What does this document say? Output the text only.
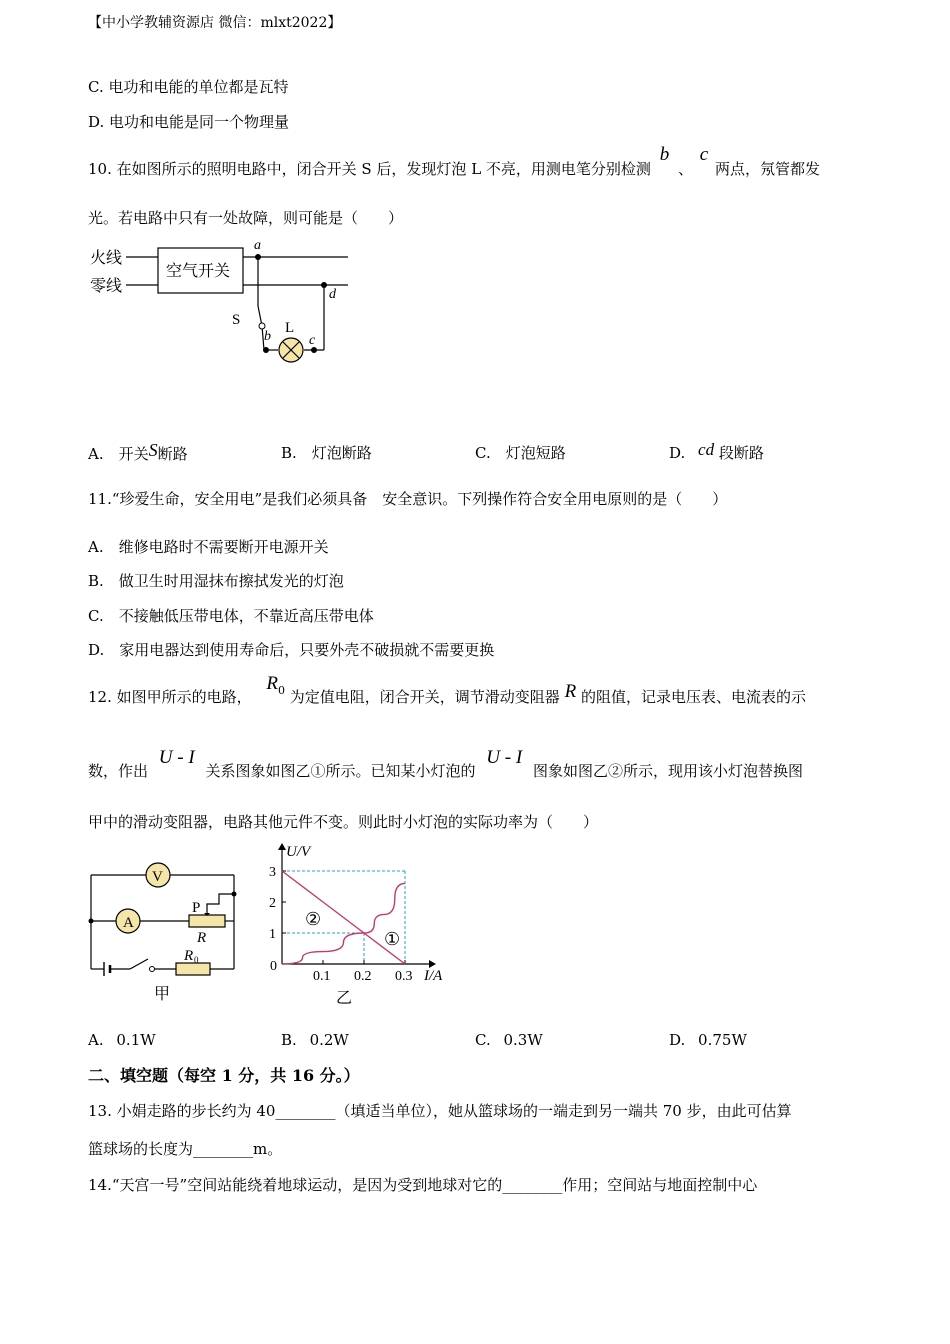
【中小学教辅资源店 微信：mlxt2022】
C. 电功和电能的单位都是瓦特
D. 电功和电能是同一个物理量
10. 在如图所示的照明电路中，闭合开关 S 后，发现灯泡 L 不亮，用测电笔分别检测 b 、 c 两点，氖管都发
光。若电路中只有一处故障，则可能是（　　）
火线
零线
空气开关
a
d
S	L
b	c
A.　开关S断路	B.　灯泡断路	C.　灯泡短路	D. cd 段断路
11.“珍爱生命，安全用电”是我们必须具备　安全意识。下列操作符合安全用电原则的是（　　）
A.　维修电路时不需要断开电源开关
B.　做卫生时用湿抹布擦拭发光的灯泡
C.　不接触低压带电体，不靠近高压带电体
D.　家用电器达到使用寿命后，只要外壳不破损就不需要更换
12. 如图甲所示的电路， $R_0$ 为定值电阻，闭合开关，调节滑动变阻器 R 的阻值，记录电压表、电流表的示
数，作出 U - I 关系图象如图乙①所示。已知某小灯泡的 U - I 图象如图乙②所示，现用该小灯泡替换图
甲中的滑动变阻器，电路其他元件不变。则此时小灯泡的实际功率为（　　）
V
A
P
R
R 0
甲
U/V
I/A
0
②
①
乙
0.1 0.2 0.3
1
2
3
A. 0.1W	B. 0.2W	C. 0.3W	D. 0.75W
二、填空题（每空 1 分，共 16 分。）
13. 小娟走路的步长约为 40________（填适当单位），她从篮球场的一端走到另一端共 70 步，由此可估算
篮球场的长度为________m。
14.“天宫一号”空间站能绕着地球运动，是因为受到地球对它的________作用；空间站与地面控制中心
